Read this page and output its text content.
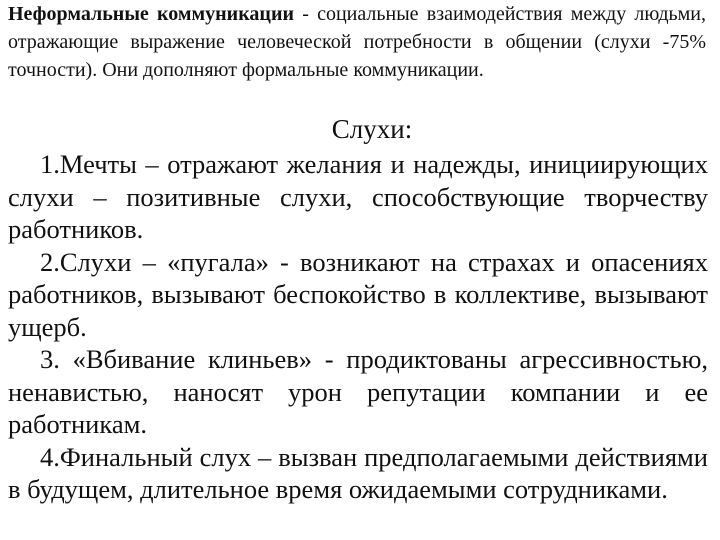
Неформальные коммуникации - социальные взаимодействия между людьми, отражающие выражение человеческой потребности в общении (слухи -75% точности). Они дополняют формальные коммуникации.

Слухи:

1.Мечты – отражают желания и надежды, инициирующих слухи – позитивные слухи, способствующие творчеству работников.

2.Слухи – «пугала» - возникают на страхах и опасениях работников, вызывают беспокойство в коллективе, вызывают ущерб.

3. «Вбивание клиньев» - продиктованы агрессивностью, ненавистью, наносят урон репутации компании и ее работникам.

4.Финальный слух – вызван предполагаемыми действиями в будущем, длительное время ожидаемыми сотрудниками.
